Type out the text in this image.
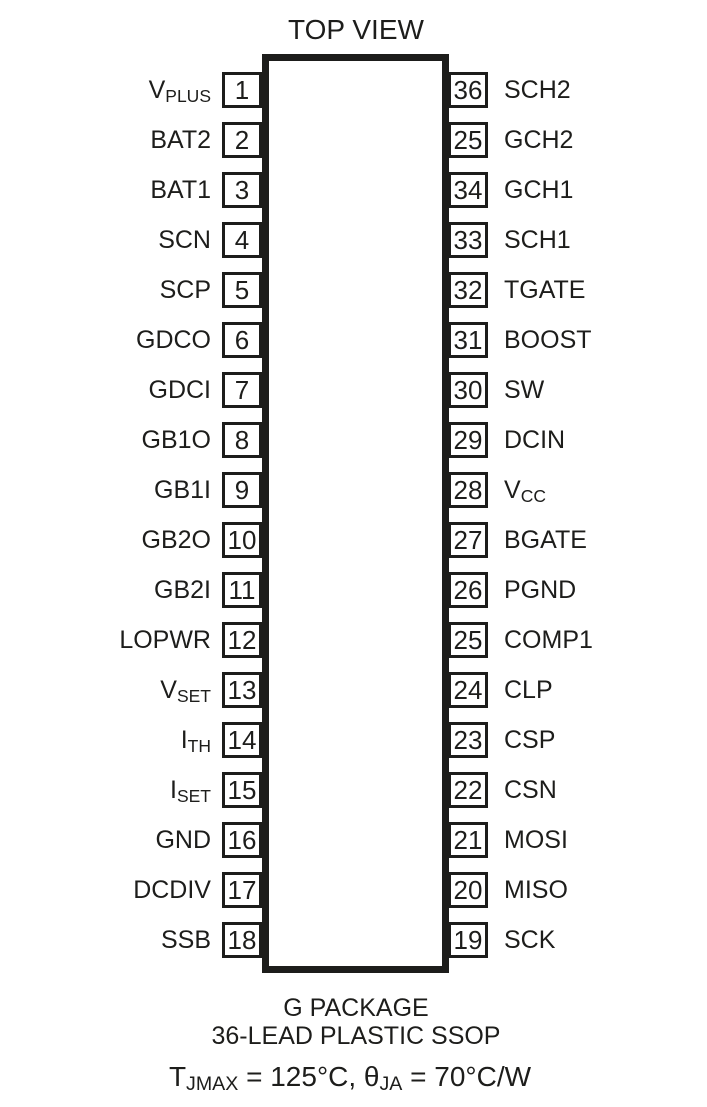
TOP VIEW
1
$V_{PLUS}$
2
BAT2
3
BAT1
4
SCN
5
SCP
6
GDCO
7
GDCI
8
GB1O
9
GB1I
10
GB2O
11
GB2I
12
LOPWR
13
$V_{SET}$
14
$I_{TH}$
15
$I_{SET}$
16
GND
17
DCDIV
18
SSB
36 SCH2
25 GCH2
34 GCH1
33 SCH1
32 TGATE
31 BOOST
30 SW
29 DCIN
28 $V_{CC}$
27 BGATE
26 PGND
25 COMP1
24 CLP
23 CSP
22 CSN
21 MOSI
20 MISO
19 SCK
G PACKAGE
36-LEAD PLASTIC SSOP
$T_{JMAX} = 125^\circ C$, $\theta_{JA} = 70^\circ C/W$
